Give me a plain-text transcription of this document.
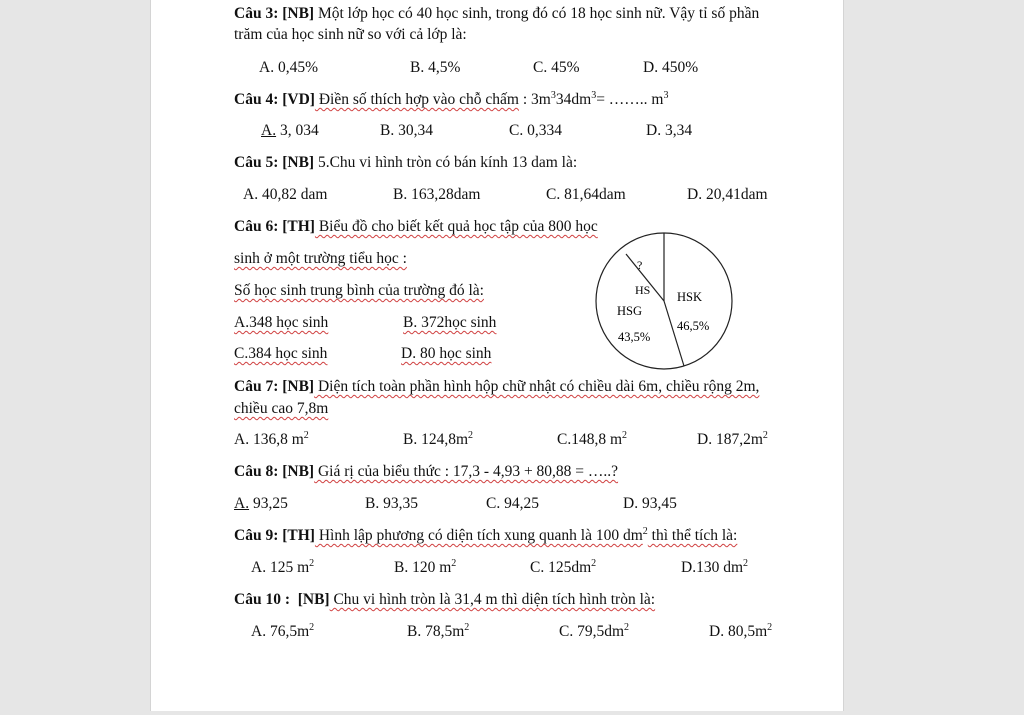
Câu 3: [NB] Một lớp học có 40 học sinh, trong đó có 18 học sinh nữ. Vậy tỉ số phần
trăm của học sinh nữ so với cả lớp là:
A. 0,45%	B. 4,5%	C. 45%	D. 450%
Câu 4: [VD] Điền số thích hợp vào chỗ chấm : $3m^334dm^3=$ …….. $m^3$
A. 3, 034	B. 30,34	C. 0,334	D. 3,34
Câu 5: [NB] 5.Chu vi hình tròn có bán kính 13 dam là:
A. 40,82 dam	B. 163,28dam	C. 81,64dam	D. 20,41dam
Câu 6: [TH] Biểu đồ cho biết kết quả học tập của 800 học
sinh ở một trường tiểu học :
Số học sinh trung bình của trường đó là:
A.348 học sinh	B. 372học sinh
C.384 học sinh	D. 80 học sinh
?
HS HSK
46,5%
HSG
43,5%
Câu 7: [NB] Diện tích toàn phần hình hộp chữ nhật có chiều dài 6m, chiều rộng 2m,
chiều cao 7,8m
A. 136,8 $m^2$	B. $124,8m^2$	C.148,8 $m^2$	D. $187,2m^2$
Câu 8: [NB] Giá rị của biểu thức : 17,3 - 4,93 + 80,88 = …..?
A. 93,25	B. 93,35	C. 94,25	D. 93,45
Câu 9: [TH] Hình lập phương có diện tích xung quanh là 100 $dm^2$ thì thể tích là:
A. 125 $m^2$	B. 120 $m^2$	C. $125dm^2$	D.130 $dm^2$
Câu 10 : [NB] Chu vi hình tròn là 31,4 m thì diện tích hình tròn là:
A. $76,5m^2$	B. $78,5m^2$	C. $79,5dm^2$	D. $80,5m^2$
